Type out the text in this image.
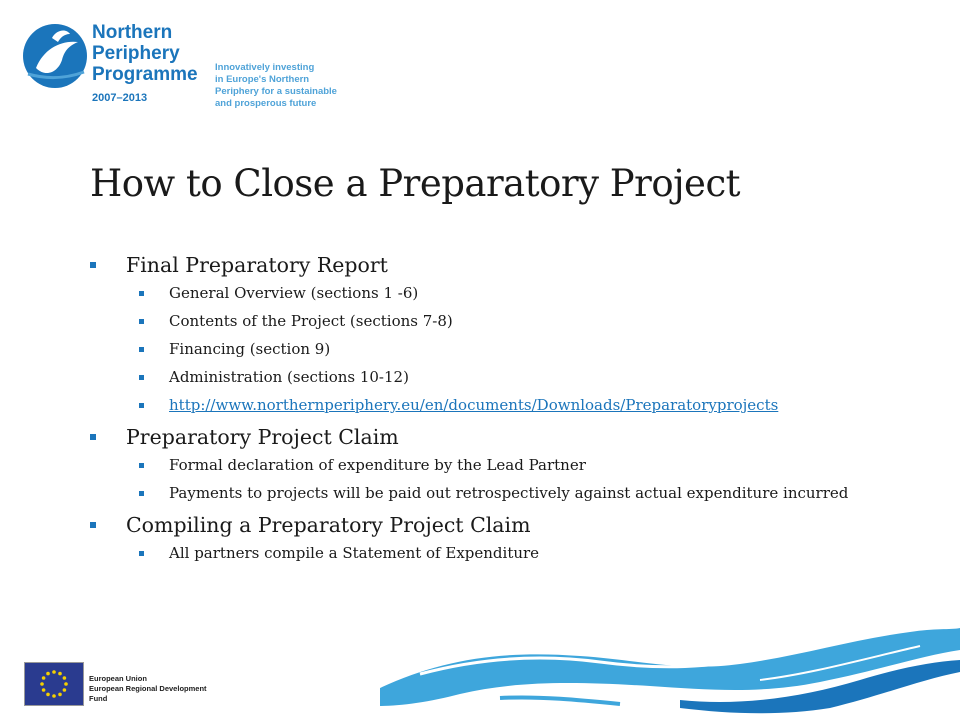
Northern
Periphery
Programme
2007–2013
Innovatively investing
in Europe's Northern
Periphery for a sustainable
and prosperous future
How to Close a Preparatory Project

Final Preparatory Report

General Overview (sections 1 -6)

Contents of the Project (sections 7-8)

Financing (section 9)

Administration (sections 10-12)

http://www.northernperiphery.eu/en/documents/Downloads/Preparatoryprojects

Preparatory Project Claim

Formal declaration of expenditure by the Lead Partner

Payments to projects will be paid out retrospectively against actual expenditure incurred

Compiling a Preparatory Project Claim

All partners compile a Statement of Expenditure

European Union
European Regional Development Fund
